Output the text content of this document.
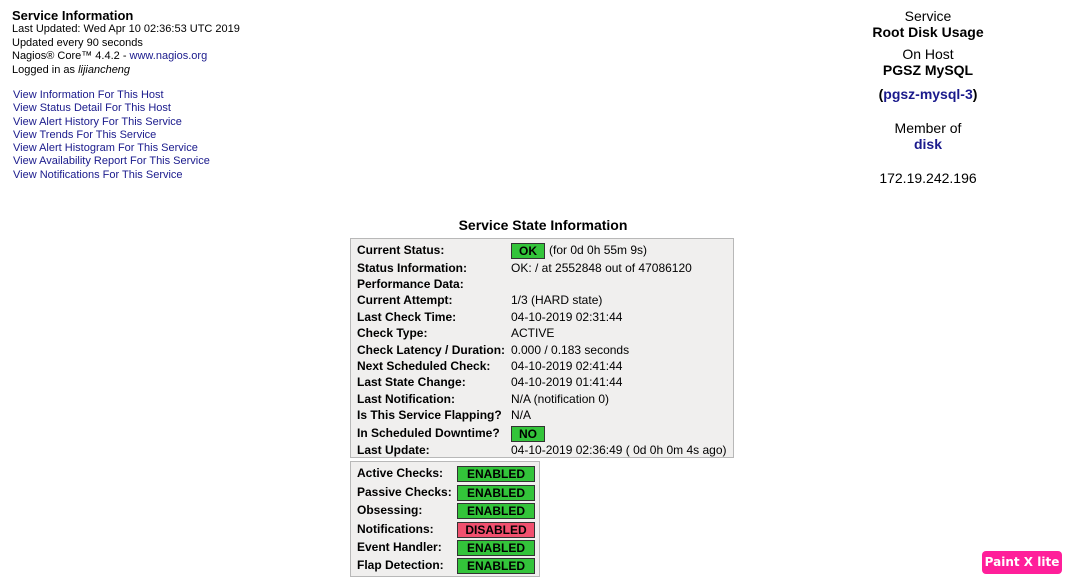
Service Information
Last Updated: Wed Apr 10 02:36:53 UTC 2019
Updated every 90 seconds
Nagios® Core™ 4.4.2 - www.nagios.org
Logged in as lijiancheng
View Information For This Host
View Status Detail For This Host
View Alert History For This Service
View Trends For This Service
View Alert Histogram For This Service
View Availability Report For This Service
View Notifications For This Service
Service
Root Disk Usage
On Host
PGSZ MySQL
(pgsz-mysql-3)
Member of
disk
172.19.242.196
Service State Information
Current Status:	OK (for 0d 0h 55m 9s)
Status Information:	OK: / at 2552848 out of 47086120
Performance Data:
Current Attempt:	1/3 (HARD state)
Last Check Time:	04-10-2019 02:31:44
Check Type:	ACTIVE
Check Latency / Duration: 0.000 / 0.183 seconds
Next Scheduled Check: 04-10-2019 02:41:44
Last State Change:	04-10-2019 01:41:44
Last Notification:	N/A (notification 0)
Is This Service Flapping? N/A
In Scheduled Downtime?	NO
Last Update:	04-10-2019 02:36:49 ( 0d 0h 0m 4s ago)
Active Checks:	ENABLED
Passive Checks:	ENABLED
Obsessing:	ENABLED
Notifications:	DISABLED
Event Handler:	ENABLED
Flap Detection:	ENABLED	Paint X lite
